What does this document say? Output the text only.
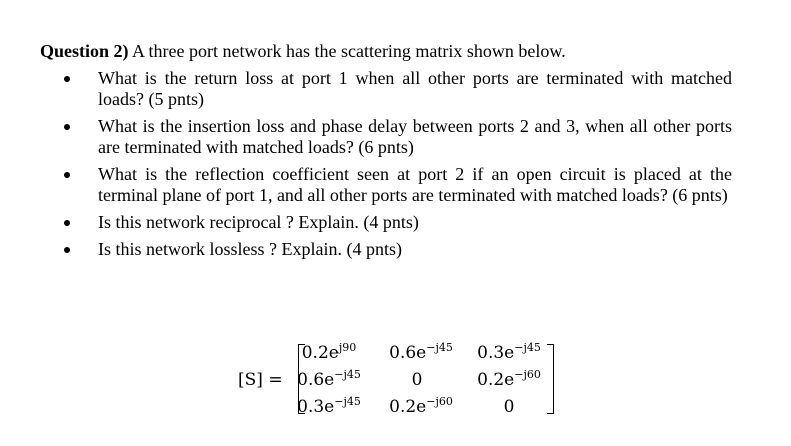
Question 2) A three port network has the scattering matrix shown below.
What is the return loss at port 1 when all other ports are terminated with matched loads? (5 pnts)
What is the insertion loss and phase delay between ports 2 and 3, when all other ports are terminated with matched loads? (6 pnts)
What is the reflection coefficient seen at port 2 if an open circuit is placed at the terminal plane of port 1, and all other ports are terminated with matched loads? (6 pnts)
Is this network reciprocal ? Explain. (4 pnts)
Is this network lossless ? Explain. (4 pnts)
[S] =
$0.2e^{j90}$	$0.6e^{-j45}$	$0.3e^{-j45}$
$0.6e^{-j45}$	0	$0.2e^{-j60}$
$0.3e^{-j45}$	$0.2e^{-j60}$	0
